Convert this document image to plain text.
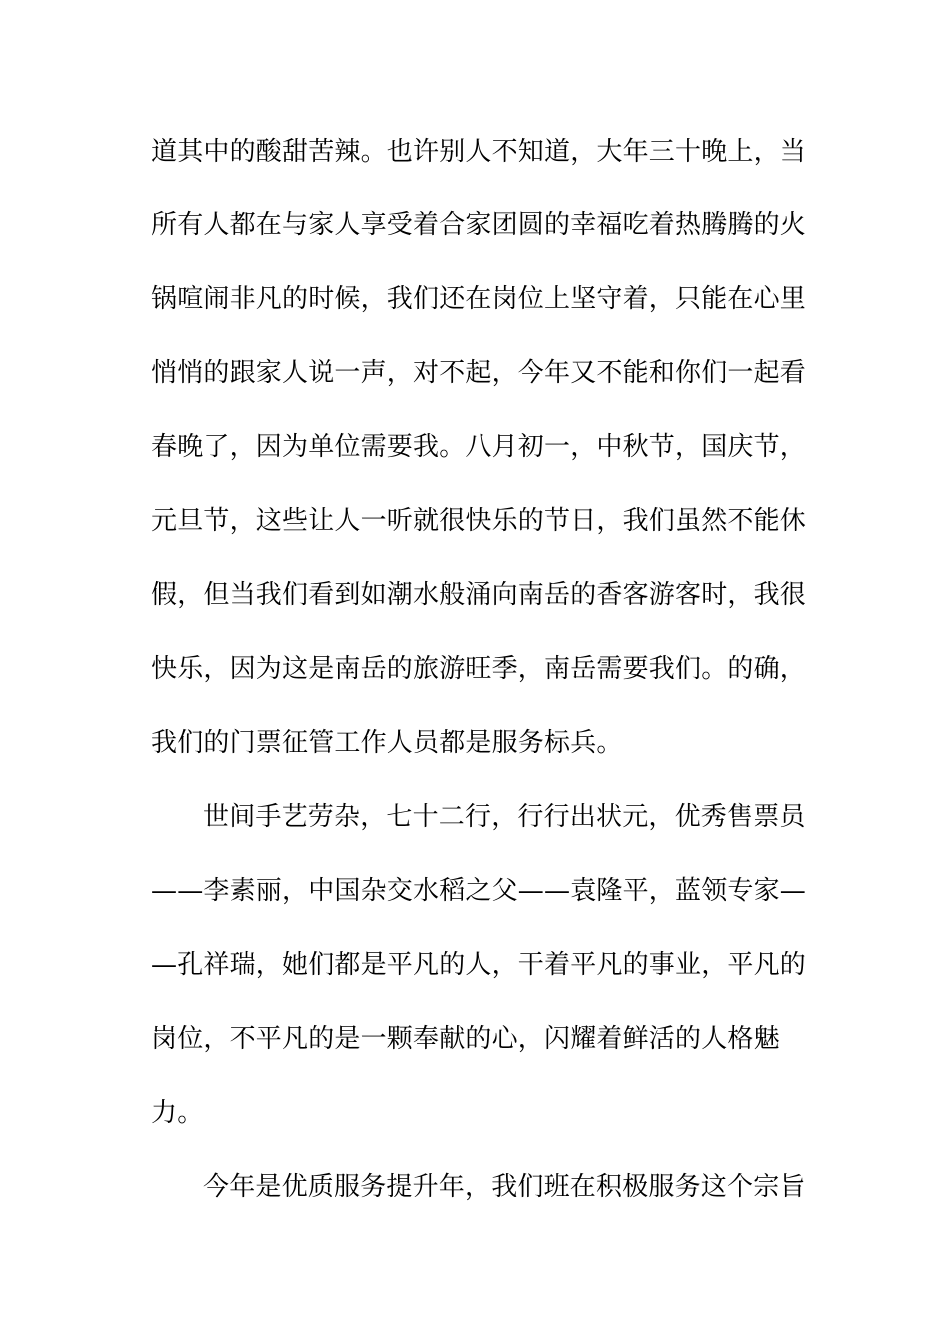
道其中的酸甜苦辣。也许别人不知道，大年三十晚上，当
所有人都在与家人享受着合家团圆的幸福吃着热腾腾的火
锅喧闹非凡的时候，我们还在岗位上坚守着，只能在心里
悄悄的跟家人说一声，对不起，今年又不能和你们一起看
春晚了，因为单位需要我。八月初一，中秋节，国庆节，
元旦节，这些让人一听就很快乐的节日，我们虽然不能休
假，但当我们看到如潮水般涌向南岳的香客游客时，我很
快乐，因为这是南岳的旅游旺季，南岳需要我们。的确，
我们的门票征管工作人员都是服务标兵。
世间手艺劳杂，七十二行，行行出状元，优秀售票员
——李素丽，中国杂交水稻之父——袁隆平，蓝领专家—
—孔祥瑞，她们都是平凡的人，干着平凡的事业，平凡的
岗位，不平凡的是一颗奉献的心，闪耀着鲜活的人格魅
力。
今年是优质服务提升年，我们班在积极服务这个宗旨
